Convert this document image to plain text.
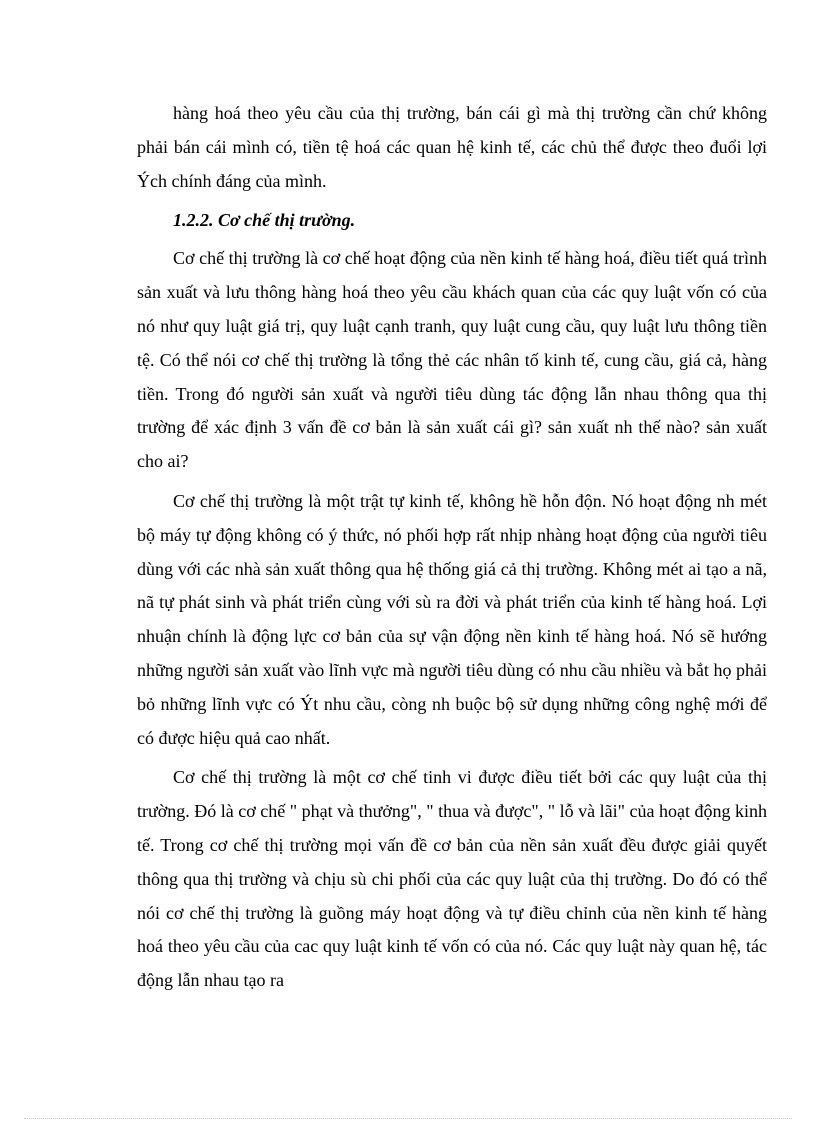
hàng hoá theo yêu cầu của thị trường, bán cái gì mà thị trường cần chứ không phải bán cái mình có, tiền tệ hoá các quan hệ kinh tế, các chủ thể được theo đuổi lợi Ých chính đáng của mình.

1.2.2. Cơ chế thị trường.

Cơ chế thị trường là cơ chế hoạt động của nền kinh tế hàng hoá, điều tiết quá trình sản xuất và lưu thông hàng hoá theo yêu cầu khách quan của các quy luật vốn có của nó như quy luật giá trị, quy luật cạnh tranh, quy luật cung cầu, quy luật lưu thông tiền tệ. Có thể nói cơ chế thị trường là tổng thẻ các nhân tố kinh tế, cung cầu, giá cả, hàng tiền. Trong đó người sản xuất và người tiêu dùng tác động lẫn nhau thông qua thị trường để xác định 3 vấn đề cơ bản là sản xuất cái gì? sản xuất nh thế nào? sản xuất cho ai?

Cơ chế thị trường là một trật tự kinh tế, không hề hỗn độn. Nó hoạt động nh mét bộ máy tự động không có ý thức, nó phối hợp rất nhịp nhàng hoạt động của người tiêu dùng với các nhà sản xuất thông qua hệ thống giá cả thị trường. Không mét ai tạo a nã, nã tự phát sinh và phát triển cùng với sù ra đời và phát triển của kinh tế hàng hoá. Lợi nhuận chính là động lực cơ bản của sự vận động nền kinh tế hàng hoá. Nó sẽ hướng những người sản xuất vào lĩnh vực mà người tiêu dùng có nhu cầu nhiều và bắt họ phải bỏ những lĩnh vực có Ýt nhu cầu, còng nh buộc bộ sử dụng những công nghệ mới để có được hiệu quả cao nhất.

Cơ chế thị trường là một cơ chế tinh vi được điều tiết bởi các quy luật của thị trường. Đó là cơ chế " phạt và thưởng", " thua và được", " lỗ và lãi" của hoạt động kinh tế. Trong cơ chế thị trường mọi vấn đề cơ bản của nền sản xuất đều được giải quyết thông qua thị trường và chịu sù chi phối của các quy luật của thị trường. Do đó có thể nói cơ chế thị trường là guồng máy hoạt động và tự điều chỉnh của nền kinh tế hàng hoá theo yêu cầu của cac quy luật kinh tế vốn có của nó. Các quy luật này quan hệ, tác động lẫn nhau tạo ra
